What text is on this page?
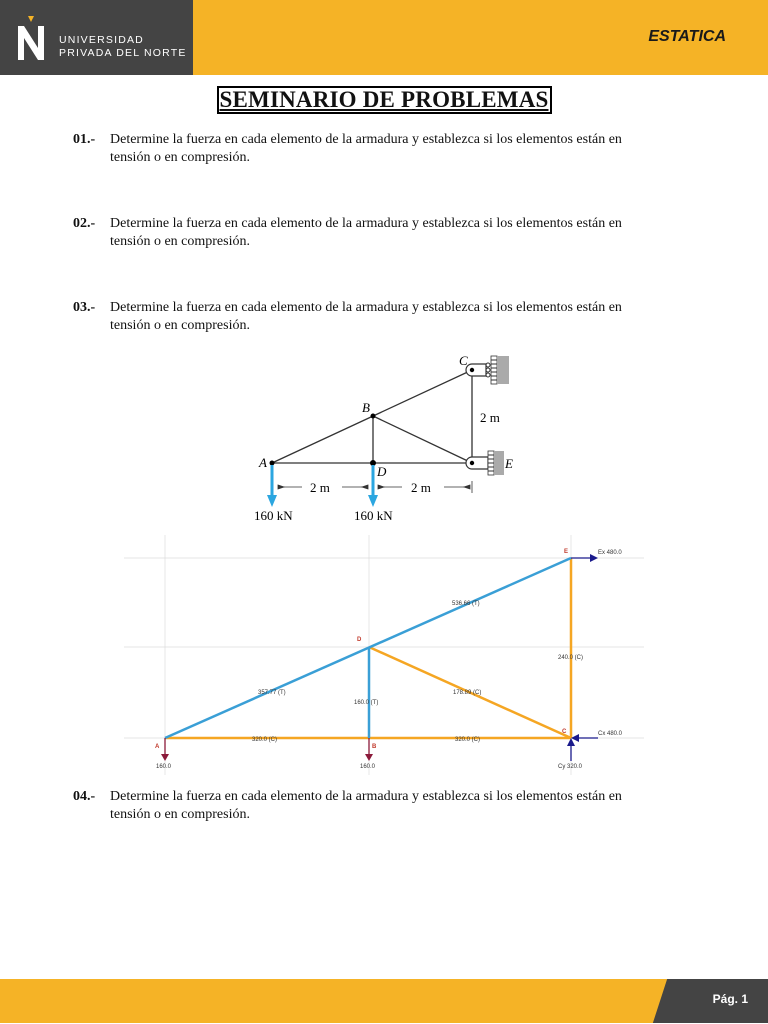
UNIVERSIDAD
PRIVADA DEL NORTE
ESTATICA
SEMINARIO DE PROBLEMAS
01.- Determine la fuerza en cada elemento de la armadura y establezca si los elementos están en
tensión o en compresión.
02.- Determine la fuerza en cada elemento de la armadura y establezca si los elementos están en
tensión o en compresión.
03.- Determine la fuerza en cada elemento de la armadura y establezca si los elementos están en
tensión o en compresión.
A
B
C
D
E
2 m
2 m	2 m
160 kN	160 kN
357.77 (T)
536.66 (T)
160.0 (T)
178.89 (C)
240.0 (C)
320.0 (C)	320.0 (C)
A	B
C
D
E
160.0	160.0
Ex 480.0
Cx 480.0
Cy 320.0
04.- Determine la fuerza en cada elemento de la armadura y establezca si los elementos están en
tensión o en compresión.
Pág. 1
